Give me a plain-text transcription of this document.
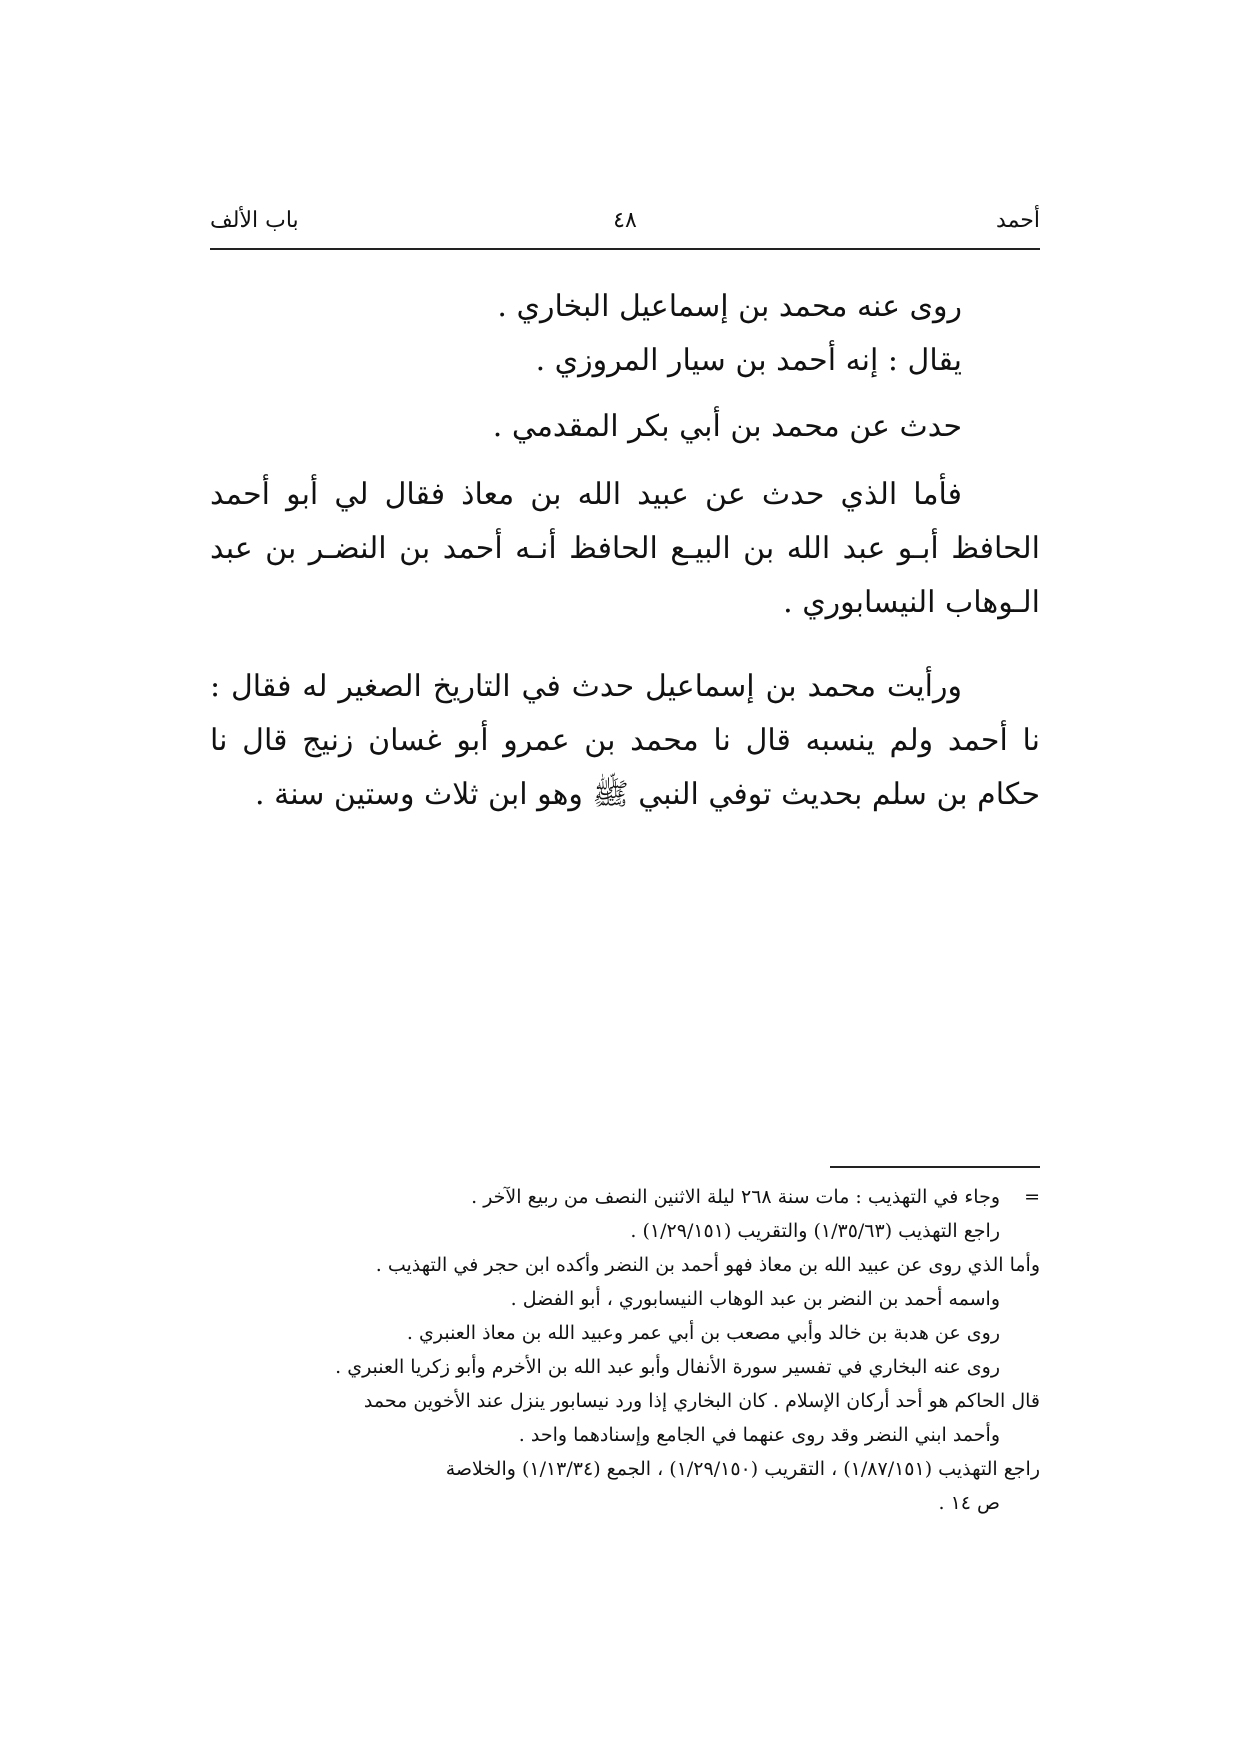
أحمد
٤٨
باب الألف

روى عنه محمد بن إسماعيل البخاري .

يقال : إنه أحمد بن سيار المروزي .

حدث عن محمد بن أبي بكر المقدمي .

فأما الذي حدث عن عبيد الله بن معاذ فقال لي أبو أحمد الحافظ أبـو عبد الله بن البيـع الحافظ أنـه أحمد بن النضـر بن عبد الـوهاب النيسابوري .

ورأيت محمد بن إسماعيل حدث في التاريخ الصغير له فقال : نا أحمد ولم ينسبه قال نا محمد بن عمرو أبو غسان زنيج قال نا حكام بن سلم بحديث توفي النبي ﷺ وهو ابن ثلاث وستين سنة .

=
وجاء في التهذيب : مات سنة ٢٦٨ ليلة الاثنين النصف من ربيع الآخر .

راجع التهذيب (١/٣٥/٦٣) والتقريب (١/٢٩/١٥١) .

وأما الذي روى عن عبيد الله بن معاذ فهو أحمد بن النضر وأكده ابن حجر في التهذيب .

واسمه أحمد بن النضر بن عبد الوهاب النيسابوري ، أبو الفضل .

روى عن هدبة بن خالد وأبي مصعب بن أبي عمر وعبيد الله بن معاذ العنبري .

روى عنه البخاري في تفسير سورة الأنفال وأبو عبد الله بن الأخرم وأبو زكريا العنبري .

قال الحاكم هو أحد أركان الإسلام . كان البخاري إذا ورد نيسابور ينزل عند الأخوين محمد

وأحمد ابني النضر وقد روى عنهما في الجامع وإسنادهما واحد .

راجع التهذيب (١/٨٧/١٥١) ، التقريب (١/٢٩/١٥٠) ، الجمع (١/١٣/٣٤) والخلاصة

ص ١٤ .
